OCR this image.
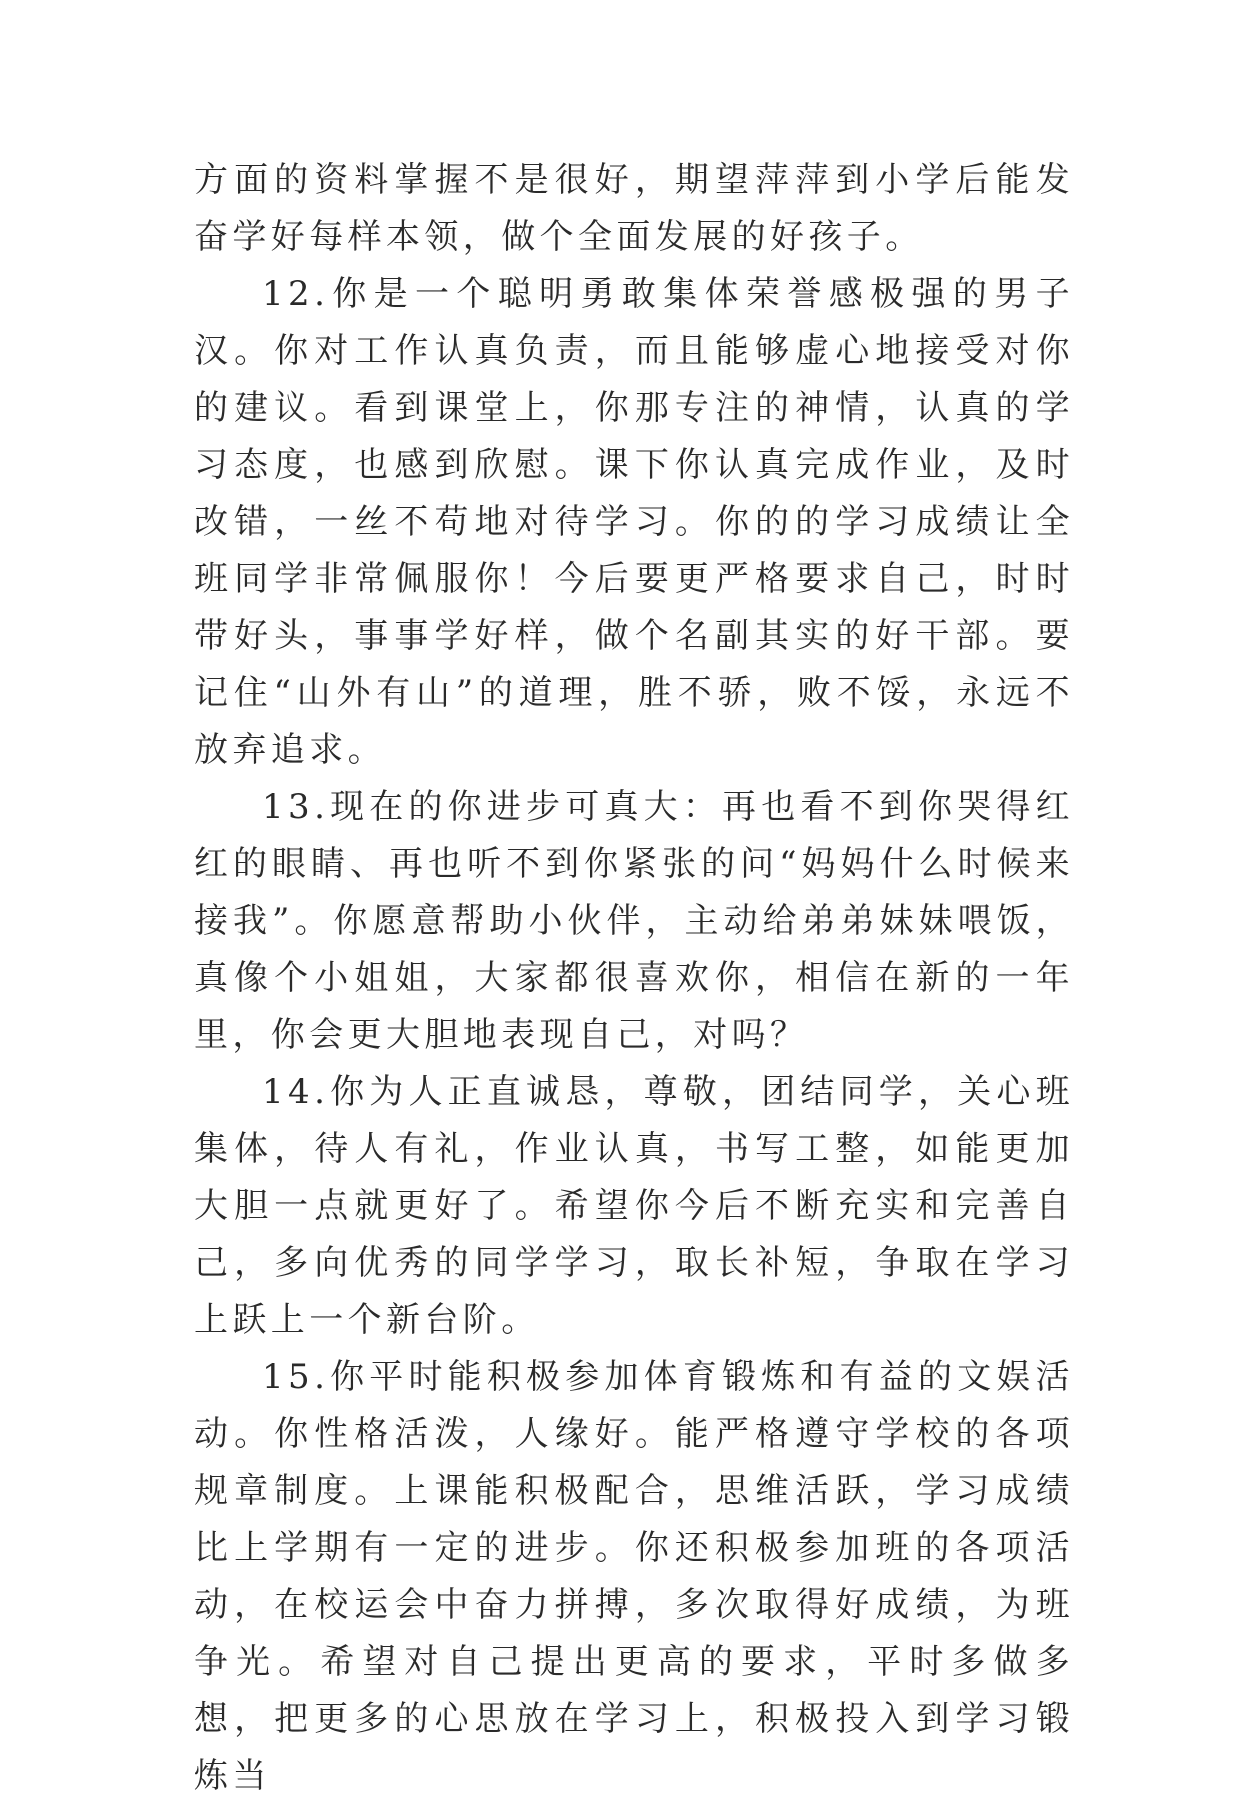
方面的资料掌握不是很好，期望萍萍到小学后能发奋学好每样本领，做个全面发展的好孩子。

12.你是一个聪明勇敢集体荣誉感极强的男子汉。你对工作认真负责，而且能够虚心地接受对你的建议。看到课堂上，你那专注的神情，认真的学习态度，也感到欣慰。课下你认真完成作业，及时改错，一丝不苟地对待学习。你的的学习成绩让全班同学非常佩服你！今后要更严格要求自己，时时带好头，事事学好样，做个名副其实的好干部。要记住“山外有山”的道理，胜不骄，败不馁，永远不放弃追求。

13.现在的你进步可真大：再也看不到你哭得红红的眼睛、再也听不到你紧张的问“妈妈什么时候来接我”。你愿意帮助小伙伴，主动给弟弟妹妹喂饭，真像个小姐姐，大家都很喜欢你，相信在新的一年里，你会更大胆地表现自己，对吗？

14.你为人正直诚恳，尊敬，团结同学，关心班集体，待人有礼，作业认真，书写工整，如能更加大胆一点就更好了。希望你今后不断充实和完善自己，多向优秀的同学学习，取长补短，争取在学习上跃上一个新台阶。

15.你平时能积极参加体育锻炼和有益的文娱活动。你性格活泼，人缘好。能严格遵守学校的各项规章制度。上课能积极配合，思维活跃，学习成绩比上学期有一定的进步。你还积极参加班的各项活动，在校运会中奋力拼搏，多次取得好成绩，为班争光。希望对自己提出更高的要求，平时多做多想，把更多的心思放在学习上，积极投入到学习锻炼当
